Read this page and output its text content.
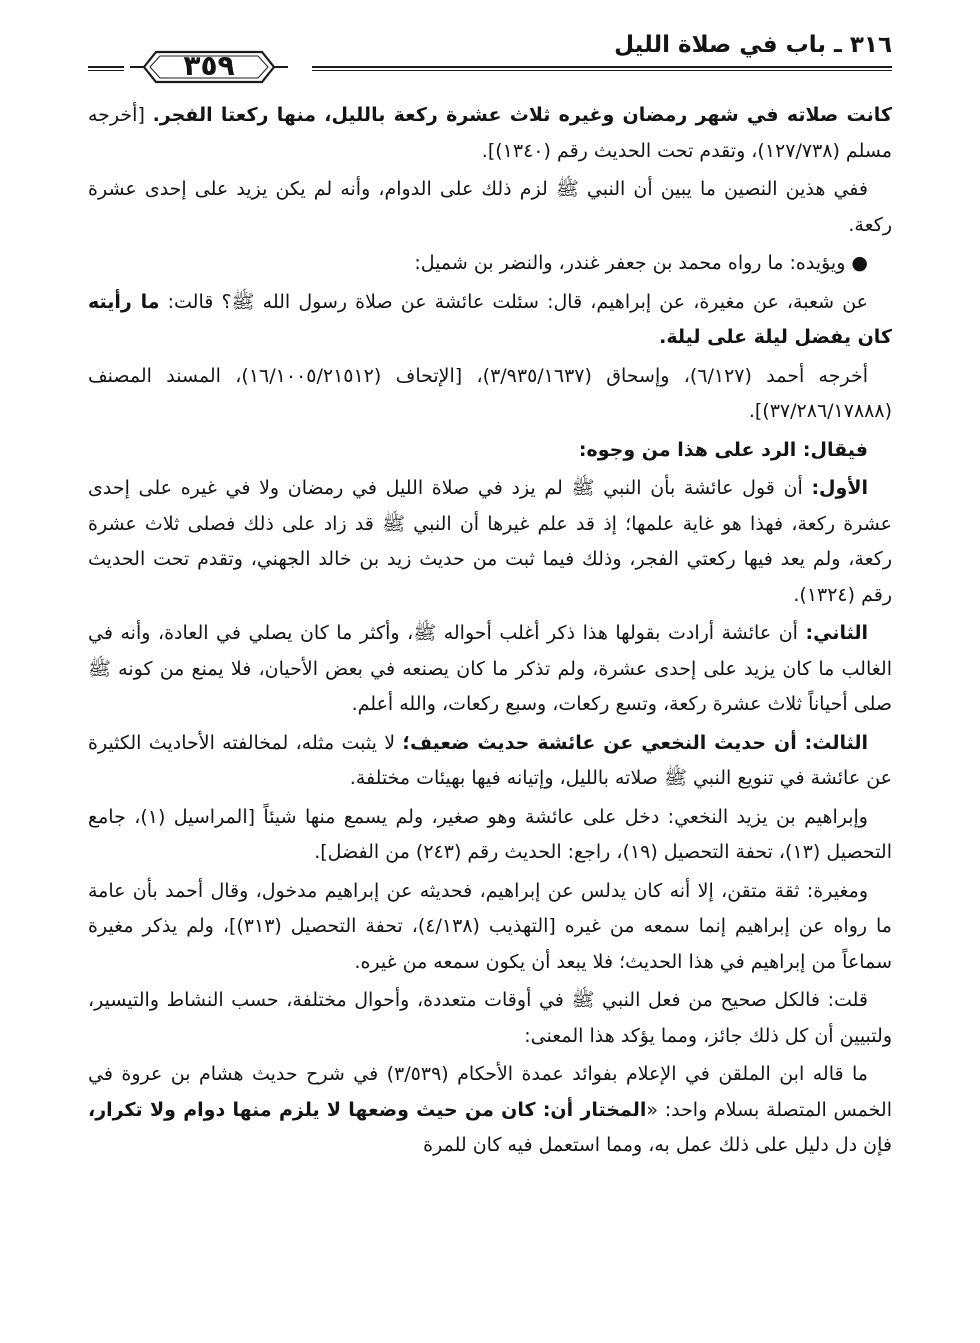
٣١٦ ـ باب في صلاة الليل
٣٥٩

كانت صلاته في شهر رمضان وغيره ثلاث عشرة ركعة بالليل، منها ركعتا الفجر. [أخرجه مسلم (١٢٧/٧٣٨)، وتقدم تحت الحديث رقم (١٣٤٠)].

ففي هذين النصين ما يبين أن النبي ﷺ لزم ذلك على الدوام، وأنه لم يكن يزيد على إحدى عشرة ركعة.

●ويؤيده: ما رواه محمد بن جعفر غندر، والنضر بن شميل:

عن شعبة، عن مغيرة، عن إبراهيم، قال: سئلت عائشة عن صلاة رسول الله ﷺ؟ قالت: ما رأيته كان يفضل ليلة على ليلة.

أخرجه أحمد (٦/١٢٧)، وإسحاق (٣/٩٣٥/١٦٣٧)، [الإتحاف (١٦/١٠٠٥/٢١٥١٢)، المسند المصنف (٣٧/٢٨٦/١٧٨٨٨)].

فيقال: الرد على هذا من وجوه:

الأول: أن قول عائشة بأن النبي ﷺ لم يزد في صلاة الليل في رمضان ولا في غيره على إحدى عشرة ركعة، فهذا هو غاية علمها؛ إذ قد علم غيرها أن النبي ﷺ قد زاد على ذلك فصلى ثلاث عشرة ركعة، ولم يعد فيها ركعتي الفجر، وذلك فيما ثبت من حديث زيد بن خالد الجهني، وتقدم تحت الحديث رقم (١٣٢٤).

الثاني: أن عائشة أرادت بقولها هذا ذكر أغلب أحواله ﷺ، وأكثر ما كان يصلي في العادة، وأنه في الغالب ما كان يزيد على إحدى عشرة، ولم تذكر ما كان يصنعه في بعض الأحيان، فلا يمنع من كونه ﷺ صلى أحياناً ثلاث عشرة ركعة، وتسع ركعات، وسبع ركعات، والله أعلم.

الثالث: أن حديث النخعي عن عائشة حديث ضعيف؛ لا يثبت مثله، لمخالفته الأحاديث الكثيرة عن عائشة في تنويع النبي ﷺ صلاته بالليل، وإتيانه فيها بهيئات مختلفة.

وإبراهيم بن يزيد النخعي: دخل على عائشة وهو صغير، ولم يسمع منها شيئاً [المراسيل (١)، جامع التحصيل (١٣)، تحفة التحصيل (١٩)، راجع: الحديث رقم (٢٤٣) من الفضل].

ومغيرة: ثقة متقن، إلا أنه كان يدلس عن إبراهيم، فحديثه عن إبراهيم مدخول، وقال أحمد بأن عامة ما رواه عن إبراهيم إنما سمعه من غيره [التهذيب (٤/١٣٨)، تحفة التحصيل (٣١٣)]، ولم يذكر مغيرة سماعاً من إبراهيم في هذا الحديث؛ فلا يبعد أن يكون سمعه من غيره.

قلت: فالكل صحيح من فعل النبي ﷺ في أوقات متعددة، وأحوال مختلفة، حسب النشاط والتيسير، ولتبيين أن كل ذلك جائز، ومما يؤكد هذا المعنى:

ما قاله ابن الملقن في الإعلام بفوائد عمدة الأحكام (٣/٥٣٩) في شرح حديث هشام بن عروة في الخمس المتصلة بسلام واحد: «المختار أن: كان من حيث وضعها لا يلزم منها دوام ولا تكرار، فإن دل دليل على ذلك عمل به، ومما استعمل فيه كان للمرة
